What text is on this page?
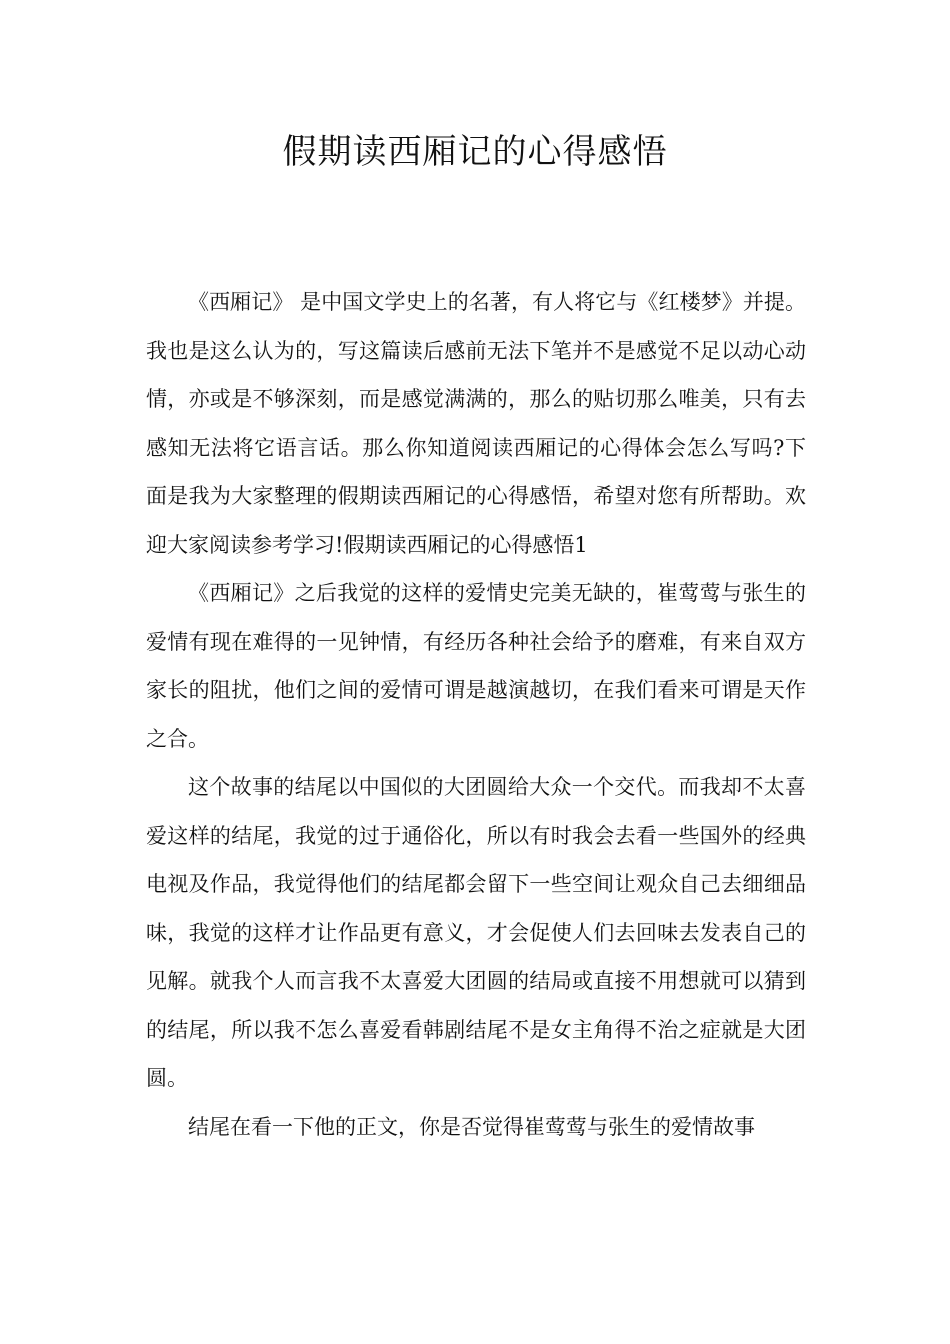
假期读西厢记的心得感悟

《西厢记》 是中国文学史上的名著，有人将它与《红楼梦》并提。我也是这么认为的，写这篇读后感前无法下笔并不是感觉不足以动心动情，亦或是不够深刻，而是感觉满满的，那么的贴切那么唯美，只有去感知无法将它语言话。那么你知道阅读西厢记的心得体会怎么写吗?下面是我为大家整理的假期读西厢记的心得感悟，希望对您有所帮助。欢迎大家阅读参考学习!假期读西厢记的心得感悟1

《西厢记》之后我觉的这样的爱情史完美无缺的，崔莺莺与张生的爱情有现在难得的一见钟情，有经历各种社会给予的磨难，有来自双方家长的阻扰，他们之间的爱情可谓是越演越切，在我们看来可谓是天作之合。

这个故事的结尾以中国似的大团圆给大众一个交代。而我却不太喜爱这样的结尾，我觉的过于通俗化，所以有时我会去看一些国外的经典电视及作品，我觉得他们的结尾都会留下一些空间让观众自己去细细品味，我觉的这样才让作品更有意义，才会促使人们去回味去发表自己的见解。就我个人而言我不太喜爱大团圆的结局或直接不用想就可以猜到的结尾，所以我不怎么喜爱看韩剧结尾不是女主角得不治之症就是大团圆。

结尾在看一下他的正文，你是否觉得崔莺莺与张生的爱情故事
